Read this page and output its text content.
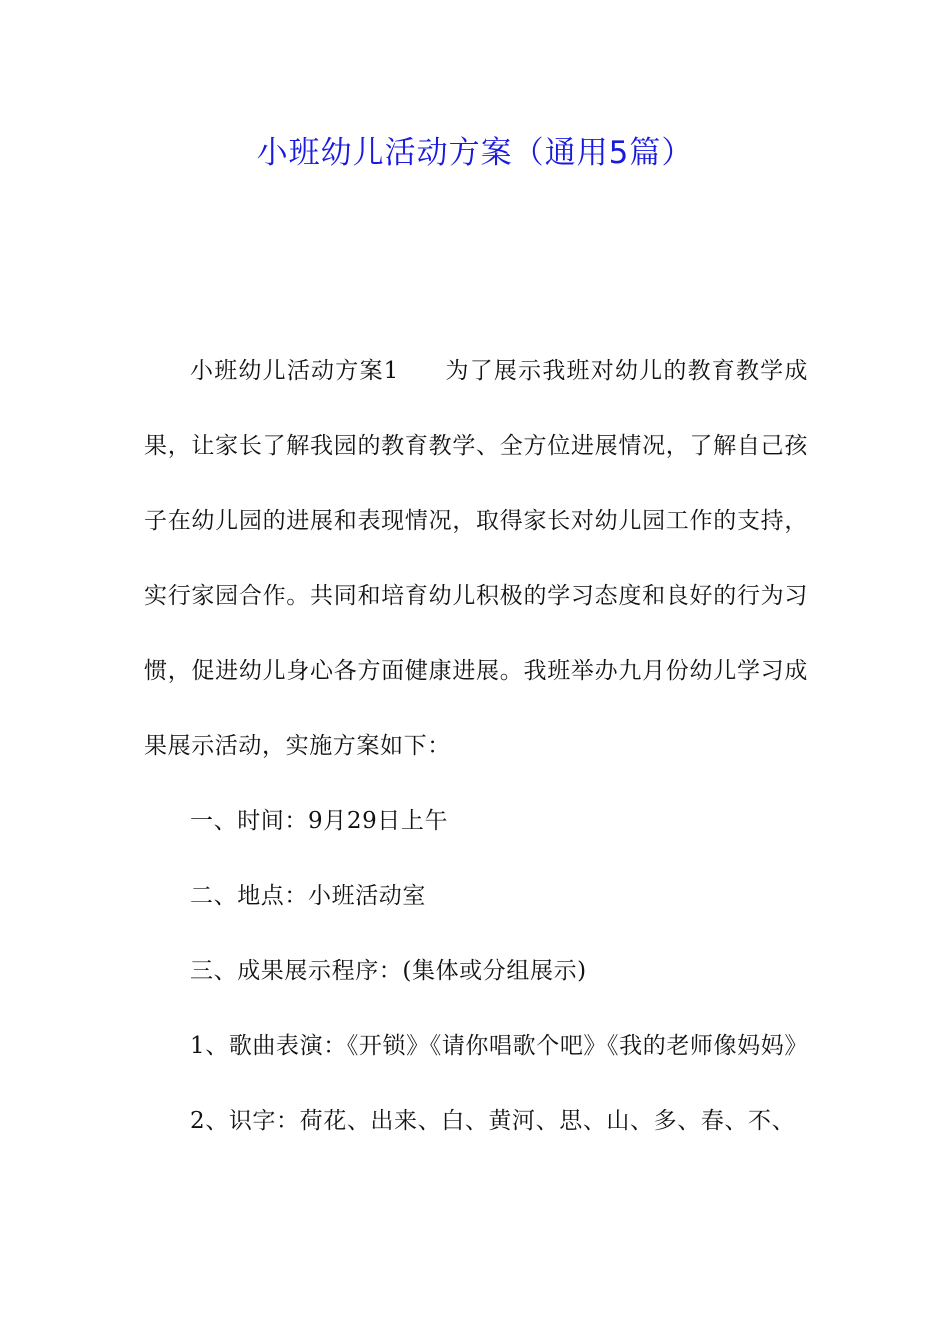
小班幼儿活动方案（通用5篇）

小班幼儿活动方案1 为了展示我班对幼儿的教育教学成果，让家长了解我园的教育教学、全方位进展情况，了解自己孩子在幼儿园的进展和表现情况，取得家长对幼儿园工作的支持，实行家园合作。共同和培育幼儿积极的学习态度和良好的行为习惯，促进幼儿身心各方面健康进展。我班举办九月份幼儿学习成果展示活动，实施方案如下：

一、时间：9月29日上午

二、地点：小班活动室

三、成果展示程序：(集体或分组展示)

1、歌曲表演：《开锁》《请你唱歌个吧》《我的老师像妈妈》

2、识字：荷花、出来、白、黄河、思、山、多、春、不、
